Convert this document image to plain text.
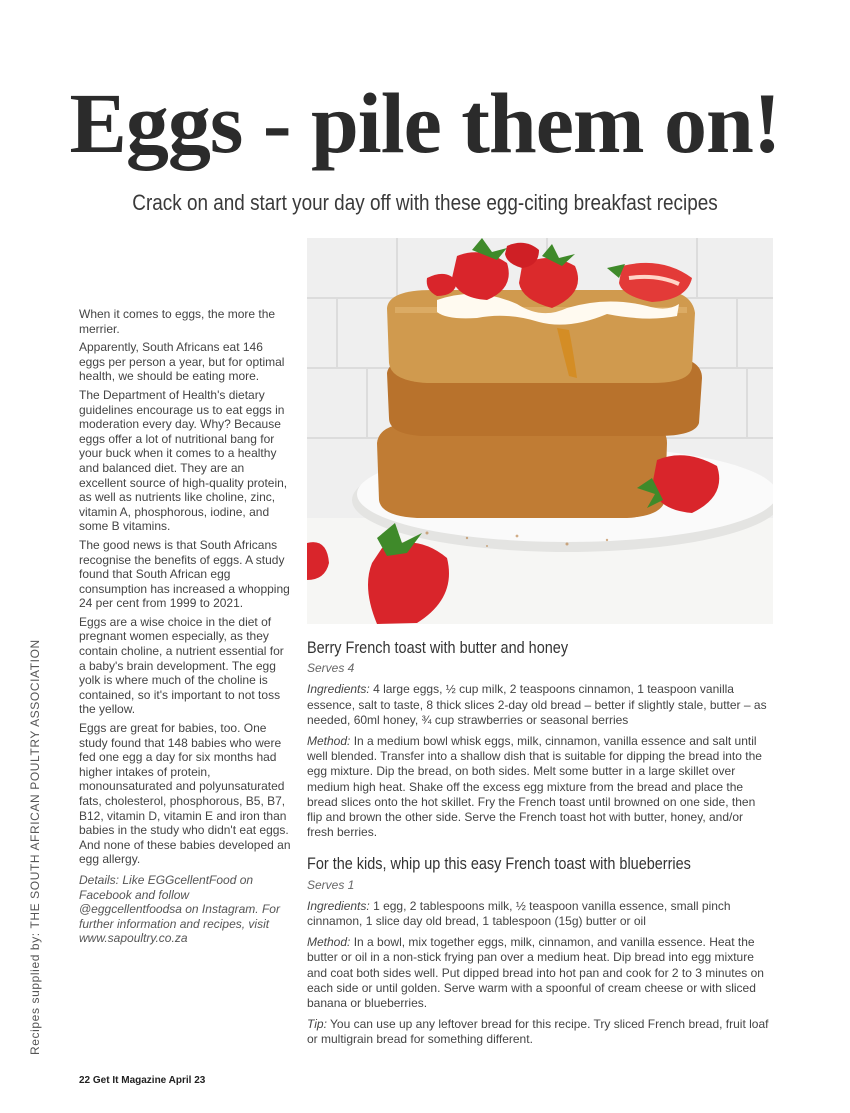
Eggs - pile them on!
Crack on and start your day off with these egg-citing breakfast recipes

When it comes to eggs, the more the merrier.

Apparently, South Africans eat 146 eggs per person a year, but for optimal health, we should be eating more.

The Department of Health's dietary guidelines encourage us to eat eggs in moderation every day. Why? Because eggs offer a lot of nutritional bang for your buck when it comes to a healthy and balanced diet. They are an excellent source of high-quality protein, as well as nutrients like choline, zinc, vitamin A, phosphorous, iodine, and some B vitamins.

The good news is that South Africans recognise the benefits of eggs. A study found that South African egg consumption has increased a whopping 24 per cent from 1999 to 2021.

Eggs are a wise choice in the diet of pregnant women especially, as they contain choline, a nutrient essential for a baby's brain development. The egg yolk is where much of the choline is contained, so it's important to not toss the yellow.

Eggs are great for babies, too. One study found that 148 babies who were fed one egg a day for six months had higher intakes of protein, monounsaturated and polyunsaturated fats, cholesterol, phosphorous, B5, B7, B12, vitamin D, vitamin E and iron than babies in the study who didn't eat eggs. And none of these babies developed an egg allergy.

Details: Like EGGcellentFood on Facebook and follow @eggcellentfoodsa on Instagram. For further information and recipes, visit www.sapoultry.co.za

Recipes supplied by: THE SOUTH AFRICAN POULTRY ASSOCIATION
22 Get It Magazine April 23
Berry French toast with butter and honey
Serves 4

Ingredients: 4 large eggs, ½ cup milk, 2 teaspoons cinnamon, 1 teaspoon vanilla essence, salt to taste, 8 thick slices 2-day old bread – better if slightly stale, butter – as needed, 60ml honey, ¾ cup strawberries or seasonal berries

Method: In a medium bowl whisk eggs, milk, cinnamon, vanilla essence and salt until well blended. Transfer into a shallow dish that is suitable for dipping the bread into the egg mixture. Dip the bread, on both sides. Melt some butter in a large skillet over medium high heat. Shake off the excess egg mixture from the bread and place the bread slices onto the hot skillet. Fry the French toast until browned on one side, then flip and brown the other side. Serve the French toast hot with butter, honey, and/or fresh berries.

For the kids, whip up this easy French toast with blueberries
Serves 1

Ingredients: 1 egg, 2 tablespoons milk, ½ teaspoon vanilla essence, small pinch cinnamon, 1 slice day old bread, 1 tablespoon (15g) butter or oil

Method: In a bowl, mix together eggs, milk, cinnamon, and vanilla essence. Heat the butter or oil in a non-stick frying pan over a medium heat. Dip bread into egg mixture and coat both sides well. Put dipped bread into hot pan and cook for 2 to 3 minutes on each side or until golden. Serve warm with a spoonful of cream cheese or with sliced banana or blueberries.

Tip: You can use up any leftover bread for this recipe. Try sliced French bread, fruit loaf or multigrain bread for something different.
